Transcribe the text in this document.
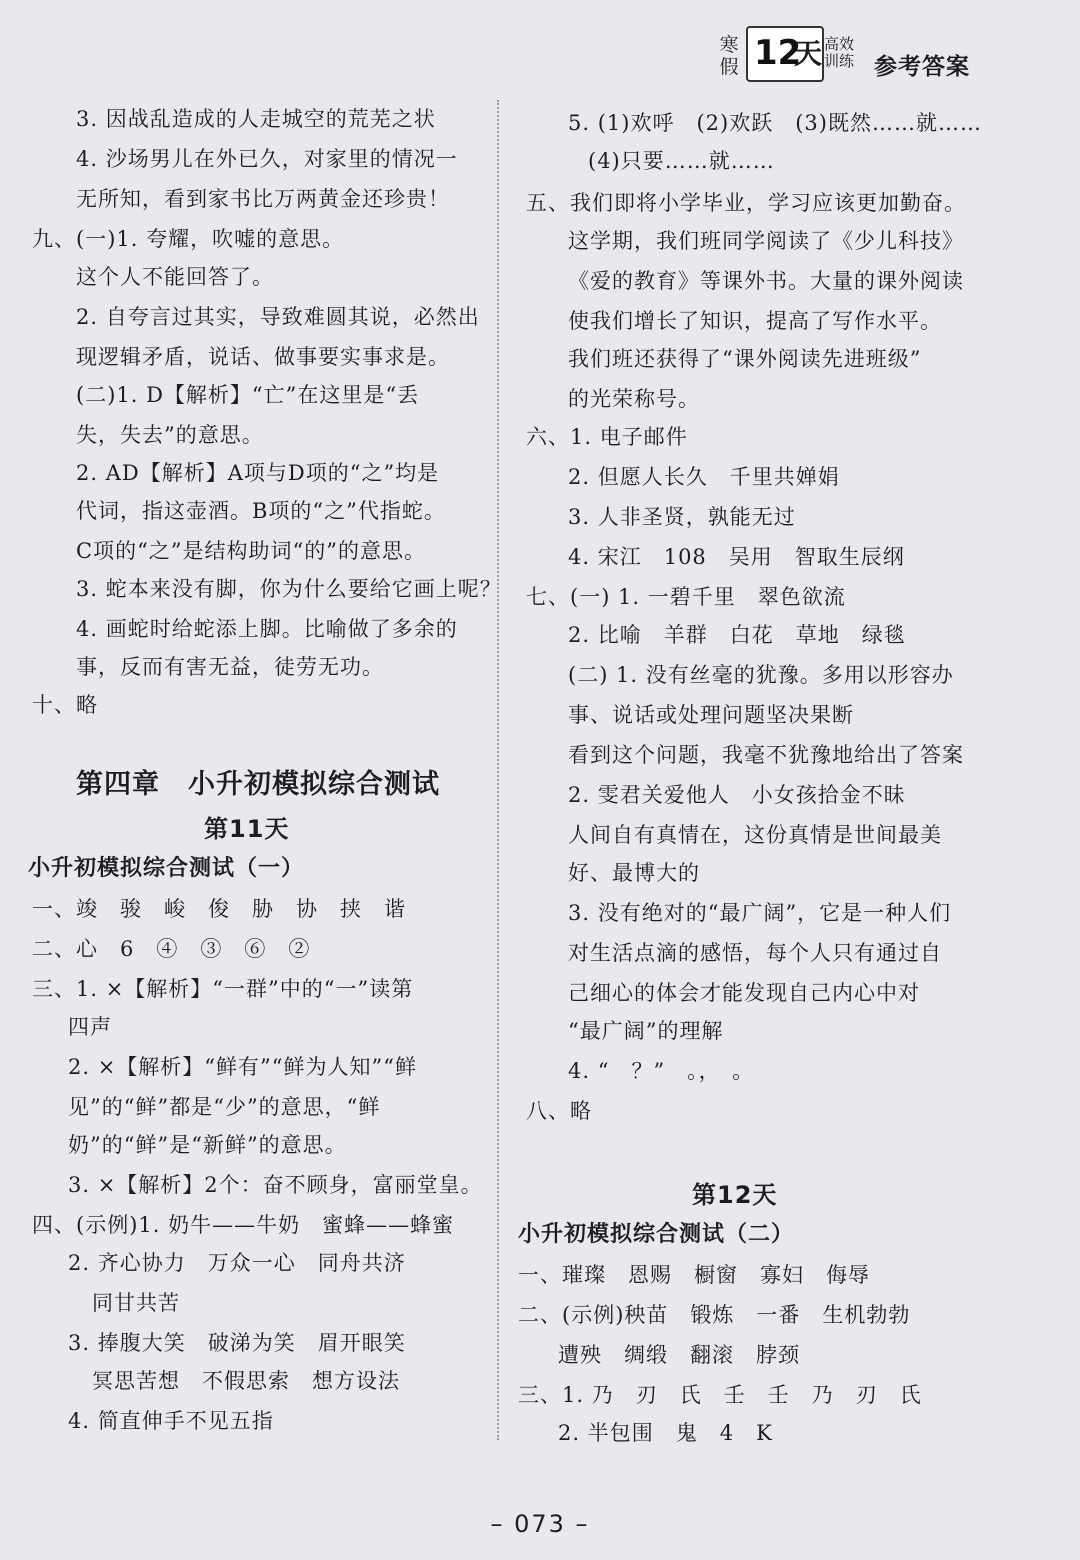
寒假 12
天 高效训练 参考答案
3. 因战乱造成的人走城空的荒芜之状
4. 沙场男儿在外已久，对家里的情况一
无所知，看到家书比万两黄金还珍贵！
九、(一)1. 夸耀，吹嘘的意思。
这个人不能回答了。
2. 自夸言过其实，导致难圆其说，必然出
现逻辑矛盾，说话、做事要实事求是。
(二)1. D【解析】“亡”在这里是“丢
失，失去”的意思。
2. AD【解析】A项与D项的“之”均是
代词，指这壶酒。B项的“之”代指蛇。
C项的“之”是结构助词“的”的意思。
3. 蛇本来没有脚，你为什么要给它画上呢？
4. 画蛇时给蛇添上脚。比喻做了多余的
事，反而有害无益，徒劳无功。
十、略
第四章　小升初模拟综合测试
第11天
小升初模拟综合测试（一）
一、竣　骏　峻　俊　胁　协　挟　谐
二、心　6　④　③　⑥　②
三、1. ×【解析】“一群”中的“一”读第
四声
2. ×【解析】“鲜有”“鲜为人知”“鲜
见”的“鲜”都是“少”的意思，“鲜
奶”的“鲜”是“新鲜”的意思。
3. ×【解析】2个：奋不顾身，富丽堂皇。
四、(示例)1. 奶牛——牛奶　蜜蜂——蜂蜜
2. 齐心协力　万众一心　同舟共济
同甘共苦
3. 捧腹大笑　破涕为笑　眉开眼笑
冥思苦想　不假思索　想方设法
4. 简直伸手不见五指
5. (1)欢呼　(2)欢跃　(3)既然……就……
(4)只要……就……
五、我们即将小学毕业，学习应该更加勤奋。
这学期，我们班同学阅读了《少儿科技》
《爱的教育》等课外书。大量的课外阅读
使我们增长了知识，提高了写作水平。
我们班还获得了“课外阅读先进班级”
的光荣称号。
六、1. 电子邮件
2. 但愿人长久　千里共婵娟
3. 人非圣贤，孰能无过
4. 宋江　108　吴用　智取生辰纲
七、(一) 1. 一碧千里　翠色欲流
2. 比喻　羊群　白花　草地　绿毯
(二) 1. 没有丝毫的犹豫。多用以形容办
事、说话或处理问题坚决果断
看到这个问题，我毫不犹豫地给出了答案
2. 雯君关爱他人　小女孩拾金不昧
人间自有真情在，这份真情是世间最美
好、最博大的
3. 没有绝对的“最广阔”，它是一种人们
对生活点滴的感悟，每个人只有通过自
己细心的体会才能发现自己内心中对
“最广阔”的理解
4. “　？”　。，　。
八、略
第12天
小升初模拟综合测试（二）
一、璀璨　恩赐　橱窗　寡妇　侮辱
二、(示例)秧苗　锻炼　一番　生机勃勃
遭殃　绸缎　翻滚　脖颈
三、1. 乃　刃　氏　壬　壬　乃　刃　氏
2. 半包围　鬼　4　K
– 073 –
